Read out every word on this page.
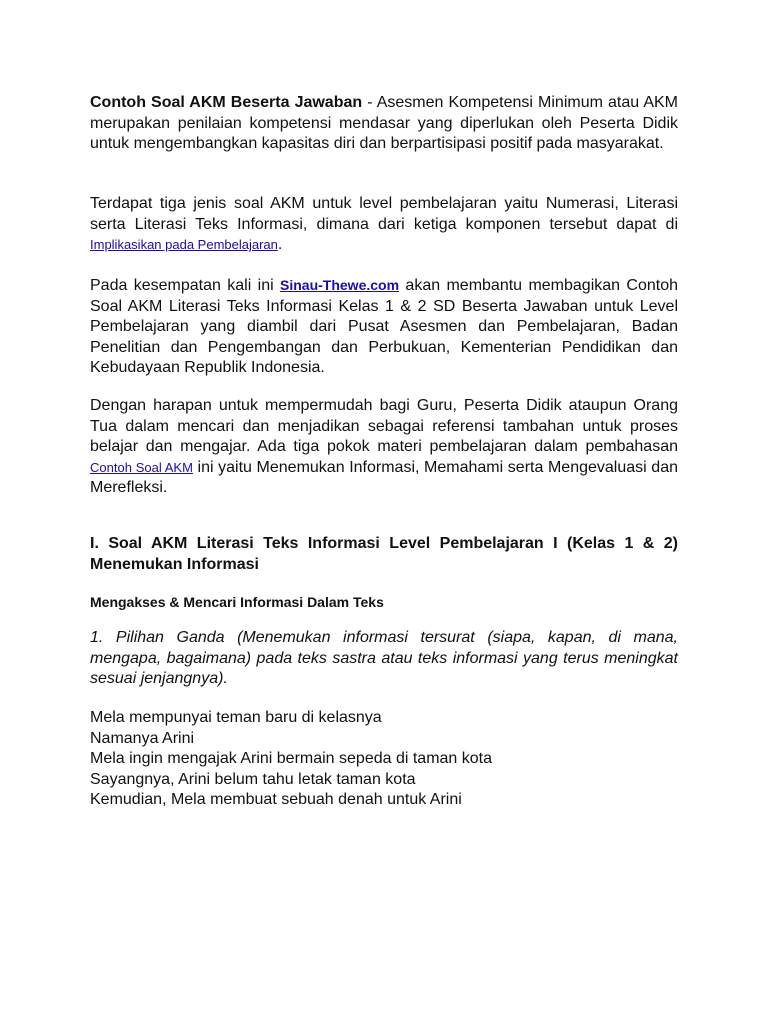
Contoh Soal AKM Beserta Jawaban - Asesmen Kompetensi Minimum atau AKM merupakan penilaian kompetensi mendasar yang diperlukan oleh Peserta Didik untuk mengembangkan kapasitas diri dan berpartisipasi positif pada masyarakat.

Terdapat tiga jenis soal AKM untuk level pembelajaran yaitu Numerasi, Literasi serta Literasi Teks Informasi, dimana dari ketiga komponen tersebut dapat di Implikasikan pada Pembelajaran.

Pada kesempatan kali ini Sinau-Thewe.com akan membantu membagikan Contoh Soal AKM Literasi Teks Informasi Kelas 1 & 2 SD Beserta Jawaban untuk Level Pembelajaran yang diambil dari Pusat Asesmen dan Pembelajaran, Badan Penelitian dan Pengembangan dan Perbukuan, Kementerian Pendidikan dan Kebudayaan Republik Indonesia.

Dengan harapan untuk mempermudah bagi Guru, Peserta Didik ataupun Orang Tua dalam mencari dan menjadikan sebagai referensi tambahan untuk proses belajar dan mengajar. Ada tiga pokok materi pembelajaran dalam pembahasan Contoh Soal AKM ini yaitu Menemukan Informasi, Memahami serta Mengevaluasi dan Merefleksi.

I. Soal AKM Literasi Teks Informasi Level Pembelajaran I (Kelas 1 & 2) Menemukan Informasi
Mengakses & Mencari Informasi Dalam Teks

1. Pilihan Ganda (Menemukan informasi tersurat (siapa, kapan, di mana, mengapa, bagaimana) pada teks sastra atau teks informasi yang terus meningkat sesuai jenjangnya).

Mela mempunyai teman baru di kelasnya
Namanya Arini
Mela ingin mengajak Arini bermain sepeda di taman kota
Sayangnya, Arini belum tahu letak taman kota
Kemudian, Mela membuat sebuah denah untuk Arini
